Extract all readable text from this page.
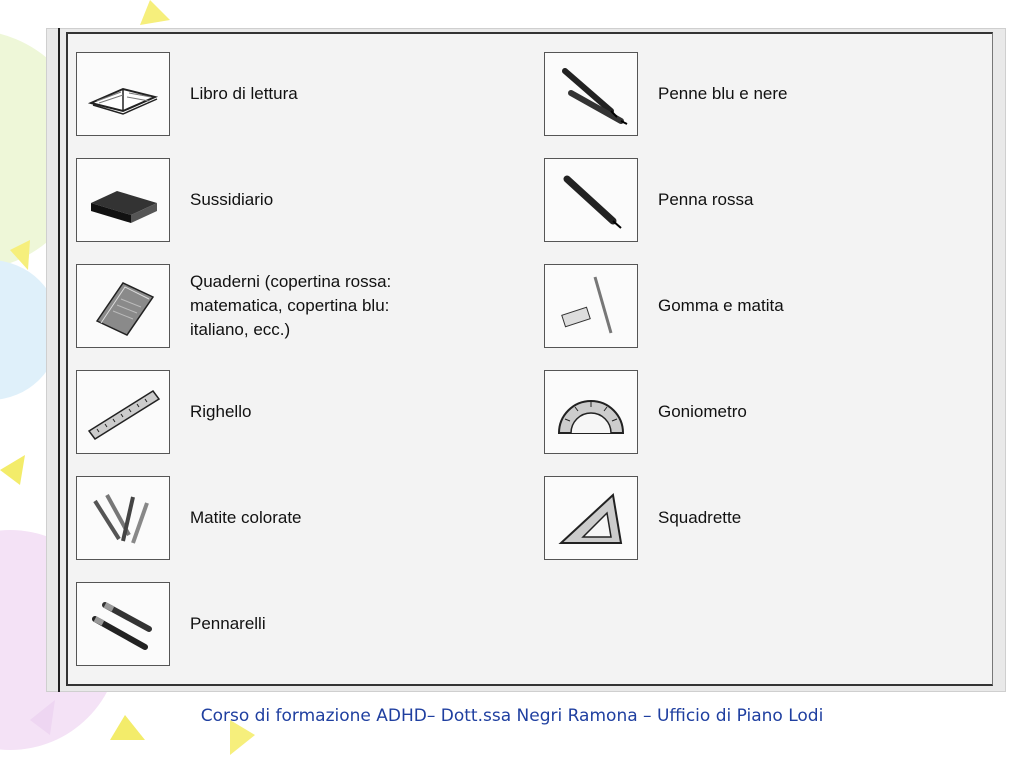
Libro di lettura
Sussidiario
Quaderni (copertina rossa:
matematica, copertina blu:
italiano, ecc.)
Righello
Matite colorate
Pennarelli
Penne blu e nere
Penna rossa
Gomma e matita
Goniometro
Squadrette
Corso di formazione ADHD– Dott.ssa Negri Ramona – Ufficio di Piano Lodi
